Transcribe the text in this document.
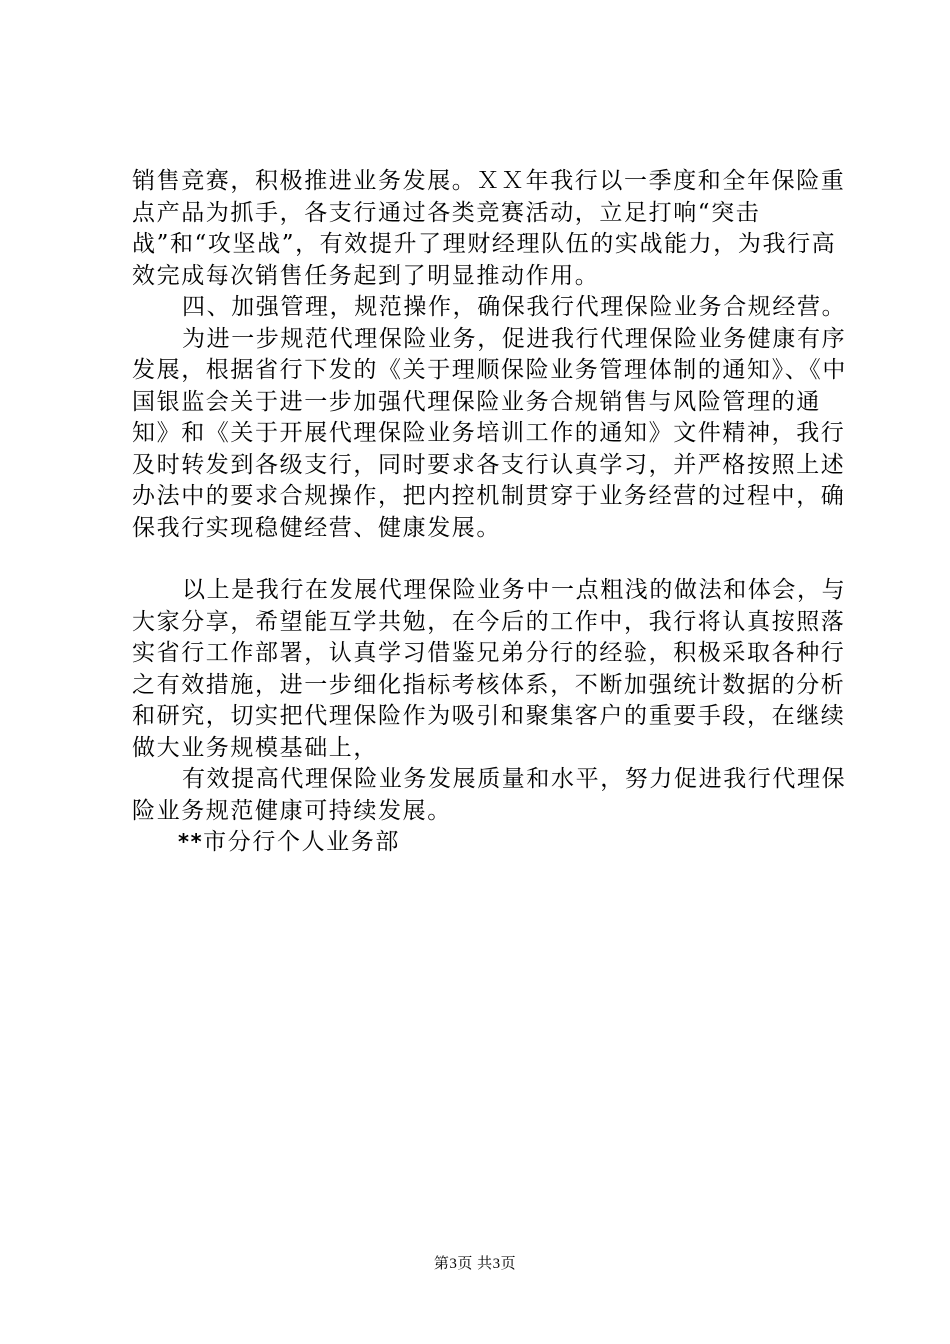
销售竞赛，积极推进业务发展。ＸＸ年我行以一季度和全年保险重点产品为抓手，各支行通过各类竞赛活动，立足打响“突击战”和“攻坚战”，有效提升了理财经理队伍的实战能力，为我行高效完成每次销售任务起到了明显推动作用。

四、加强管理，规范操作，确保我行代理保险业务合规经营。

为进一步规范代理保险业务，促进我行代理保险业务健康有序发展，根据省行下发的《关于理顺保险业务管理体制的通知》、《中国银监会关于进一步加强代理保险业务合规销售与风险管理的通知》和《关于开展代理保险业务培训工作的通知》文件精神，我行及时转发到各级支行，同时要求各支行认真学习，并严格按照上述办法中的要求合规操作，把内控机制贯穿于业务经营的过程中，确保我行实现稳健经营、健康发展。

以上是我行在发展代理保险业务中一点粗浅的做法和体会，与大家分享，希望能互学共勉，在今后的工作中，我行将认真按照落实省行工作部署，认真学习借鉴兄弟分行的经验，积极采取各种行之有效措施，进一步细化指标考核体系，不断加强统计数据的分析和研究，切实把代理保险作为吸引和聚集客户的重要手段，在继续做大业务规模基础上，

有效提高代理保险业务发展质量和水平，努力促进我行代理保险业务规范健康可持续发展。

**市分行个人业务部

第3页 共3页
